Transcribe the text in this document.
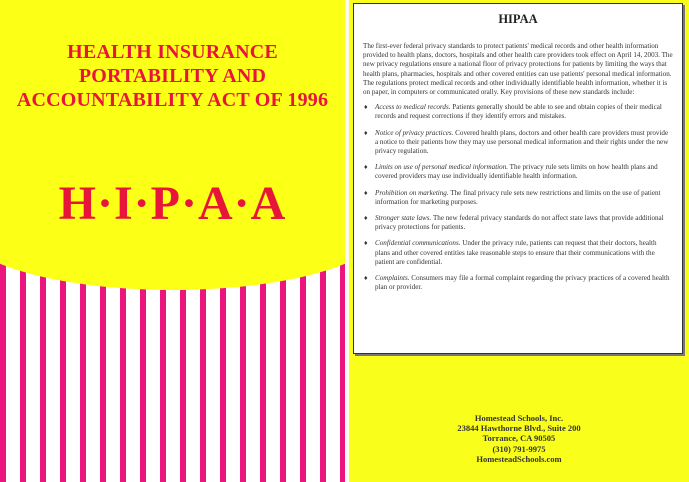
HEALTH INSURANCE
PORTABILITY AND
ACCOUNTABILITY ACT OF 1996
H·I·P·A·A
HIPAA

The first-ever federal privacy standards to protect patients' medical records and other health information provided to health plans, doctors, hospitals and other health care providers took effect on April 14, 2003. The new privacy regulations ensure a national floor of privacy protections for patients by limiting the ways that health plans, pharmacies, hospitals and other covered entities can use patients' personal medical information. The regulations protect medical records and other individually identifiable health information, whether it is on paper, in computers or communicated orally. Key provisions of these new standards include:

♦ Access to medical records. Patients generally should be able to see and obtain copies of their medical records and request corrections if they identify errors and mistakes.
♦ Notice of privacy practices. Covered health plans, doctors and other health care providers must provide a notice to their patients how they may use personal medical information and their rights under the new privacy regulation.
♦ Limits on use of personal medical information. The privacy rule sets limits on how health plans and covered providers may use individually identifiable health information.
♦ Prohibition on marketing. The final privacy rule sets new restrictions and limits on the use of patient information for marketing purposes.
♦ Stronger state laws. The new federal privacy standards do not affect state laws that provide additional privacy protections for patients.
♦ Confidential communications. Under the privacy rule, patients can request that their doctors, health plans and other covered entities take reasonable steps to ensure that their communications with the patient are confidential.
♦ Complaints. Consumers may file a formal complaint regarding the privacy practices of a covered health plan or provider.
Homestead Schools, Inc.
23844 Hawthorne Blvd., Suite 200
Torrance, CA 90505
(310) 791-9975
HomesteadSchools.com
